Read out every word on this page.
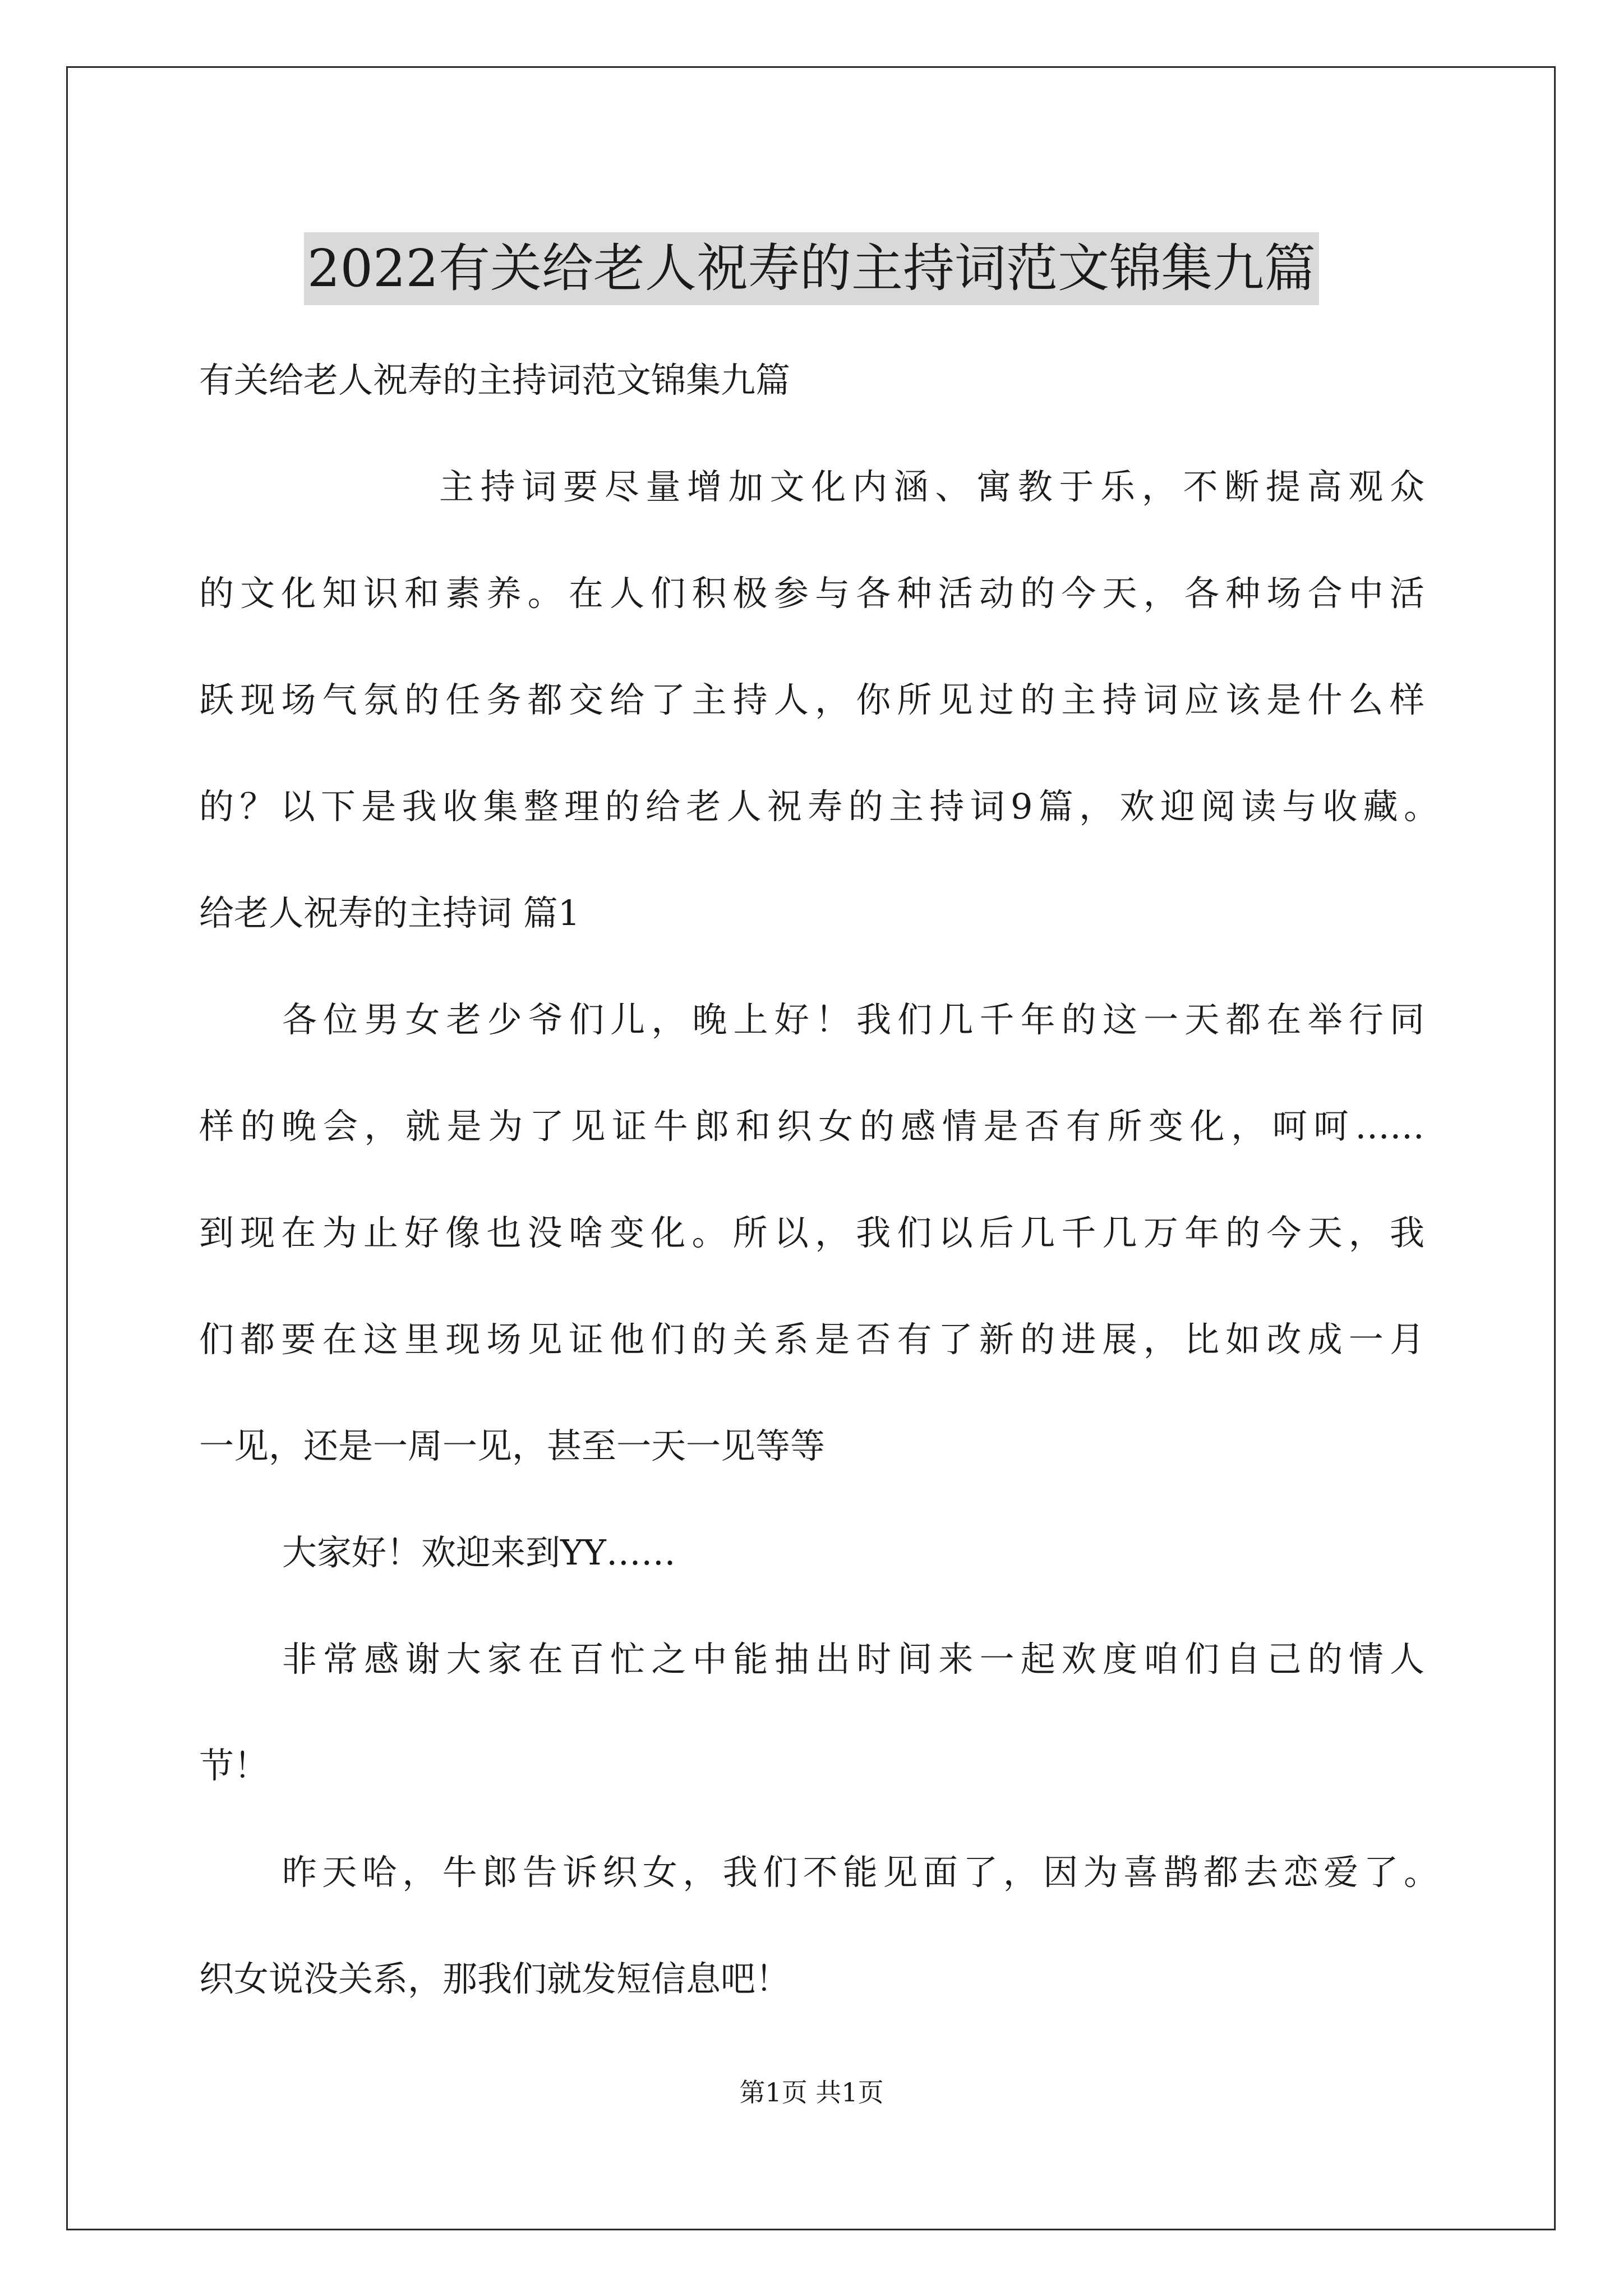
2022有关给老人祝寿的主持词范文锦集九篇
有关给老人祝寿的主持词范文锦集九篇
主持词要尽量增加文化内涵、寓教于乐，不断提高观众
的文化知识和素养。在人们积极参与各种活动的今天，各种场合中活
跃现场气氛的任务都交给了主持人，你所见过的主持词应该是什么样
的？以下是我收集整理的给老人祝寿的主持词9篇，欢迎阅读与收藏。
给老人祝寿的主持词 篇1
各位男女老少爷们儿，晚上好！我们几千年的这一天都在举行同
样的晚会，就是为了见证牛郎和织女的感情是否有所变化，呵呵……
到现在为止好像也没啥变化。所以，我们以后几千几万年的今天，我
们都要在这里现场见证他们的关系是否有了新的进展，比如改成一月
一见，还是一周一见，甚至一天一见等等
大家好！欢迎来到YY……
非常感谢大家在百忙之中能抽出时间来一起欢度咱们自己的情人
节！
昨天哈，牛郎告诉织女，我们不能见面了，因为喜鹊都去恋爱了。
织女说没关系，那我们就发短信息吧！
第1页 共1页
